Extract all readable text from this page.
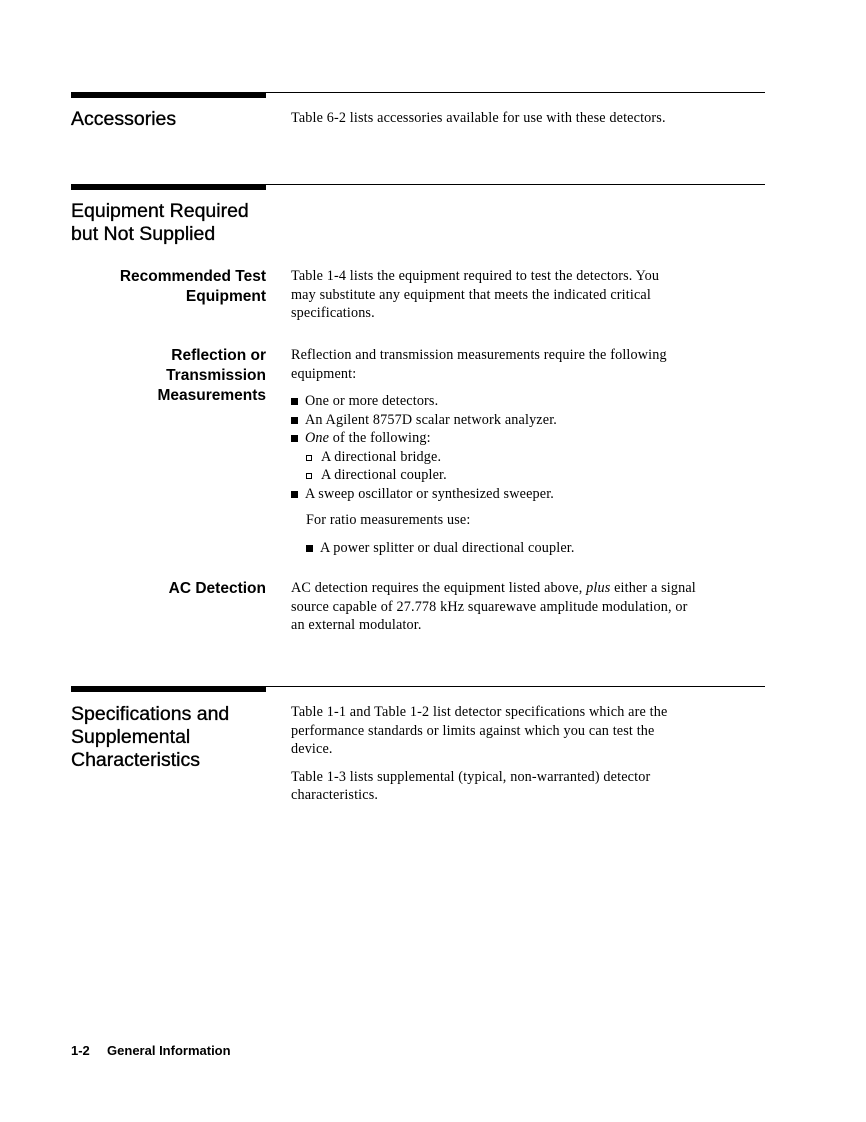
Accessories	Table 6-2 lists accessories available for use with these detectors.

Equipment Required
but Not Supplied
Recommended Test
Equipment

Table 1-4 lists the equipment required to test the detectors. You
may substitute any equipment that meets the indicated critical
specifications.

Reflection or
Transmission
Measurements

Reflection and transmission measurements require the following
equipment:

One or more detectors.
An Agilent 8757D scalar network analyzer.
One of the following:
A directional bridge.
A directional coupler.
A sweep oscillator or synthesized sweeper.

For ratio measurements use:

A power splitter or dual directional coupler.
AC Detection AC detection requires the equipment listed above, plus either a signal
source capable of 27.778 kHz squarewave amplitude modulation, or
an external modulator.

Specifications and
Supplemental
Characteristics

Table 1-1 and Table 1-2 list detector specifications which are the
performance standards or limits against which you can test the
device.

Table 1-3 lists supplemental (typical, non-warranted) detector
characteristics.

1-2 General Information
